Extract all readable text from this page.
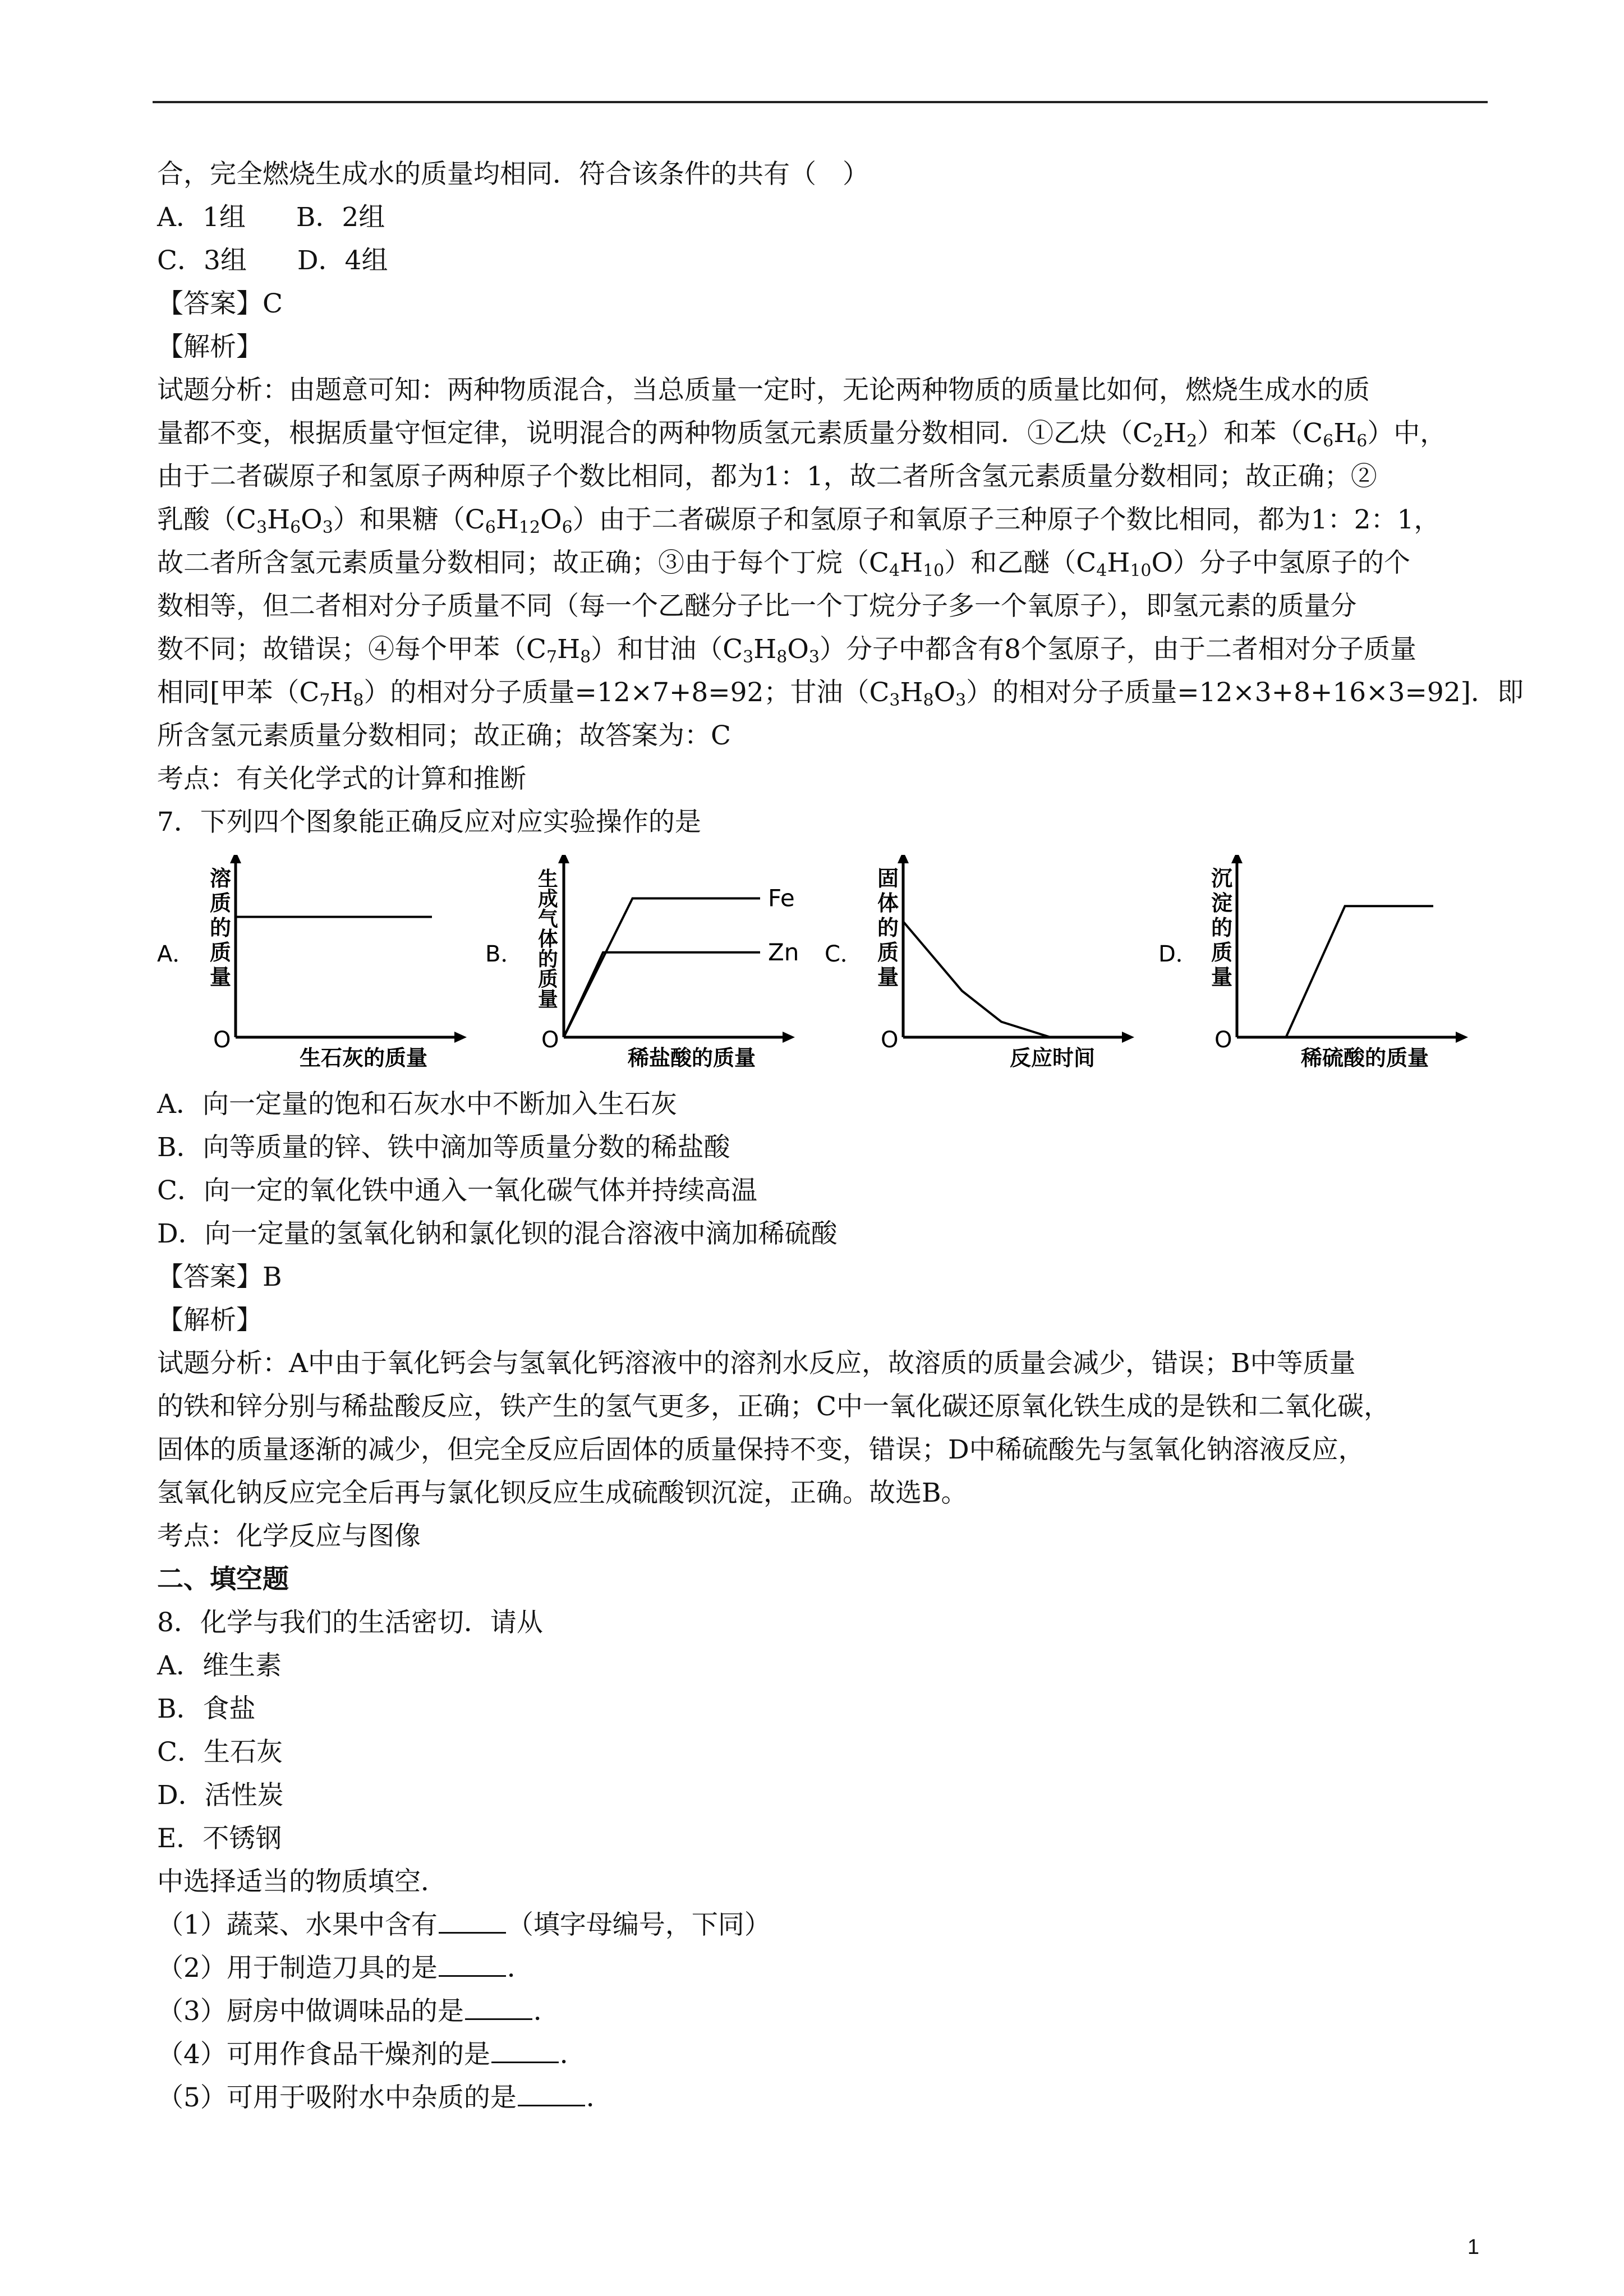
合，完全燃烧生成水的质量均相同．符合该条件的共有（　）
A．1组 B．2组
C．3组 D．4组
【答案】C
【解析】
试题分析：由题意可知：两种物质混合，当总质量一定时，无论两种物质的质量比如何，燃烧生成水的质
量都不变，根据质量守恒定律，说明混合的两种物质氢元素质量分数相同．①乙炔$(C_2H_2)$和苯$(C_6H_6)$中，
由于二者碳原子和氢原子两种原子个数比相同，都为1：1，故二者所含氢元素质量分数相同；故正确；②
乳酸$(C_3H_6O_3)$和果糖$(C_6H_{12}O_6)$由于二者碳原子和氢原子和氧原子三种原子个数比相同，都为1：2：1，
故二者所含氢元素质量分数相同；故正确；③由于每个丁烷$(C_4H_{10})$和乙醚$(C_4H_{10}O)$分子中氢原子的个
数相等，但二者相对分子质量不同（每一个乙醚分子比一个丁烷分子多一个氧原子），即氢元素的质量分
数不同；故错误；④每个甲苯$(C_7H_8)$和甘油$(C_3H_8O_3)$分子中都含有8个氢原子，由于二者相对分子质量
相同[甲苯$(C_7H_8)$的相对分子质量=12×7+8=92；甘油$(C_3H_8O_3)$的相对分子质量=12×3+8+16×3=92]．即
所含氢元素质量分数相同；故正确；故答案为：C
考点：有关化学式的计算和推断
7．下列四个图象能正确反应对应实验操作的是
A．
O
溶
质
的
质
量
生石灰的质量
B．
O
生
成
气
体
的
质
量
稀盐酸的质量
Fe
Zn C．
O
固
体
的
质
量
反应时间
D．
O
沉
淀
的
质
量
稀硫酸的质量
A．向一定量的饱和石灰水中不断加入生石灰
B．向等质量的锌、铁中滴加等质量分数的稀盐酸
C．向一定的氧化铁中通入一氧化碳气体并持续高温
D．向一定量的氢氧化钠和氯化钡的混合溶液中滴加稀硫酸
【答案】B
【解析】
试题分析：A中由于氧化钙会与氢氧化钙溶液中的溶剂水反应，故溶质的质量会减少，错误；B中等质量
的铁和锌分别与稀盐酸反应，铁产生的氢气更多，正确；C中一氧化碳还原氧化铁生成的是铁和二氧化碳，
固体的质量逐渐的减少，但完全反应后固体的质量保持不变，错误；D中稀硫酸先与氢氧化钠溶液反应，
氢氧化钠反应完全后再与氯化钡反应生成硫酸钡沉淀，正确。故选B。
考点：化学反应与图像
二、填空题
8．化学与我们的生活密切．请从
A．维生素
B．食盐
C．生石灰
D．活性炭
E．不锈钢
中选择适当的物质填空．
（1）蔬菜、水果中含有	（填字母编号，下同）
（2）用于制造刀具的是	．
（3）厨房中做调味品的是	．
（4）可用作食品干燥剂的是	．
（5）可用于吸附水中杂质的是	．
1
